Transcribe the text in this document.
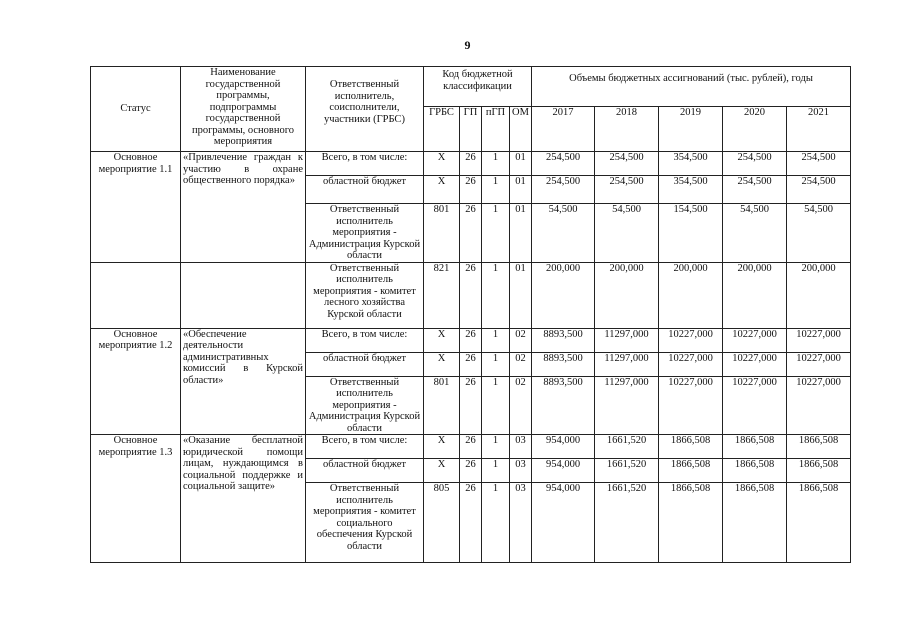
9
Статус	Наименование государственной программы, подпрограммы государственной программы, основного мероприятия	Ответственный исполнитель, соисполнители, участники (ГРБС)	Код бюджетной классификации				Объемы бюджетных ассигнований (тыс. рублей), годы				
			ГРБС	ГП	пГП	ОМ	2017	2018	2019	2020	2021
Основное мероприятие 1.1	«Привлечение граждан к участию в охране общественного порядка»	Всего, в том числе:	Х	26	1	01	254,500	254,500	354,500	254,500	254,500
		областной бюджет	Х	26	1	01	254,500	254,500	354,500	254,500	254,500
		Ответственный исполнитель мероприятия - Администрация Курской области	801	26	1	01	54,500	54,500	154,500	54,500	54,500
		Ответственный исполнитель мероприятия - комитет лесного хозяйства Курской области	821	26	1	01	200,000	200,000	200,000	200,000	200,000
Основное мероприятие 1.2	«Обеспечение деятельности административных комиссий в Курской области»	Всего, в том числе:	Х	26	1	02	8893,500	11297,000	10227,000	10227,000	10227,000
		областной бюджет	Х	26	1	02	8893,500	11297,000	10227,000	10227,000	10227,000
		Ответственный исполнитель мероприятия - Администрация Курской области	801	26	1	02	8893,500	11297,000	10227,000	10227,000	10227,000
Основное мероприятие 1.3	«Оказание бесплатной юридической помощи лицам, нуждающимся в социальной поддержке и социальной защите»	Всего, в том числе:	Х	26	1	03	954,000	1661,520	1866,508	1866,508	1866,508
		областной бюджет	Х	26	1	03	954,000	1661,520	1866,508	1866,508	1866,508
		Ответственный исполнитель мероприятия - комитет социального обеспечения Курской области	805	26	1	03	954,000	1661,520	1866,508	1866,508	1866,508
